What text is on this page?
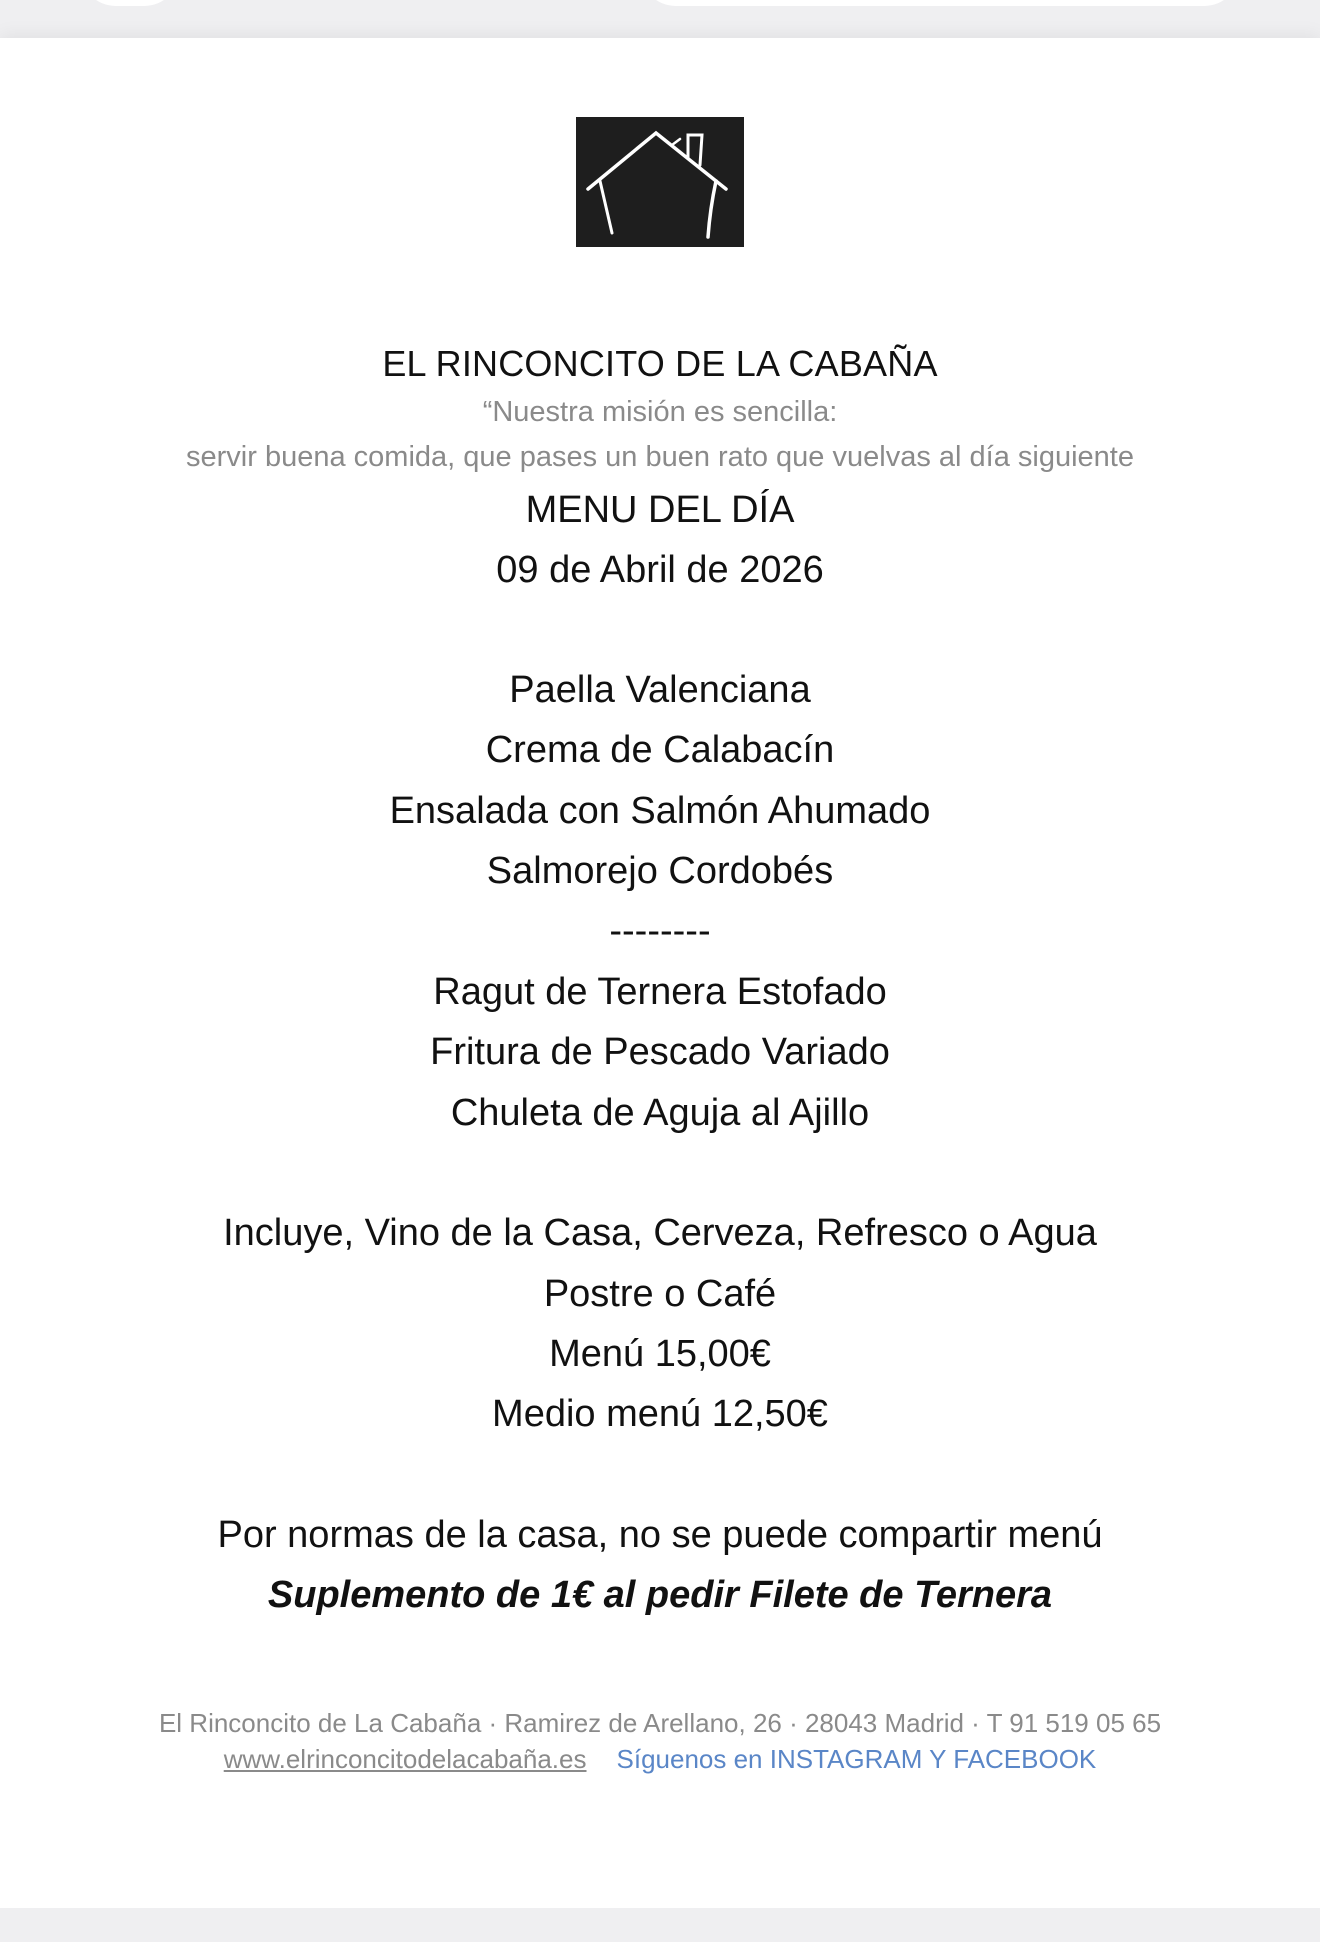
EL RINCONCITO DE LA CABAÑA
“Nuestra misión es sencilla:
servir buena comida, que pases un buen rato que vuelvas al día siguiente
MENU DEL DÍA
09 de Abril de 2026
Paella Valenciana
Crema de Calabacín
Ensalada con Salmón Ahumado
Salmorejo Cordobés
--------
Ragut de Ternera Estofado
Fritura de Pescado Variado
Chuleta de Aguja al Ajillo
Incluye, Vino de la Casa, Cerveza, Refresco o Agua
Postre o Café
Menú 15,00€
Medio menú 12,50€
Por normas de la casa, no se puede compartir menú
Suplemento de 1€ al pedir Filete de Ternera
El Rinconcito de La Cabaña · Ramirez de Arellano, 26 · 28043 Madrid · T 91 519 05 65
www.elrinconcitodelacabaña.es Síguenos en INSTAGRAM Y FACEBOOK
